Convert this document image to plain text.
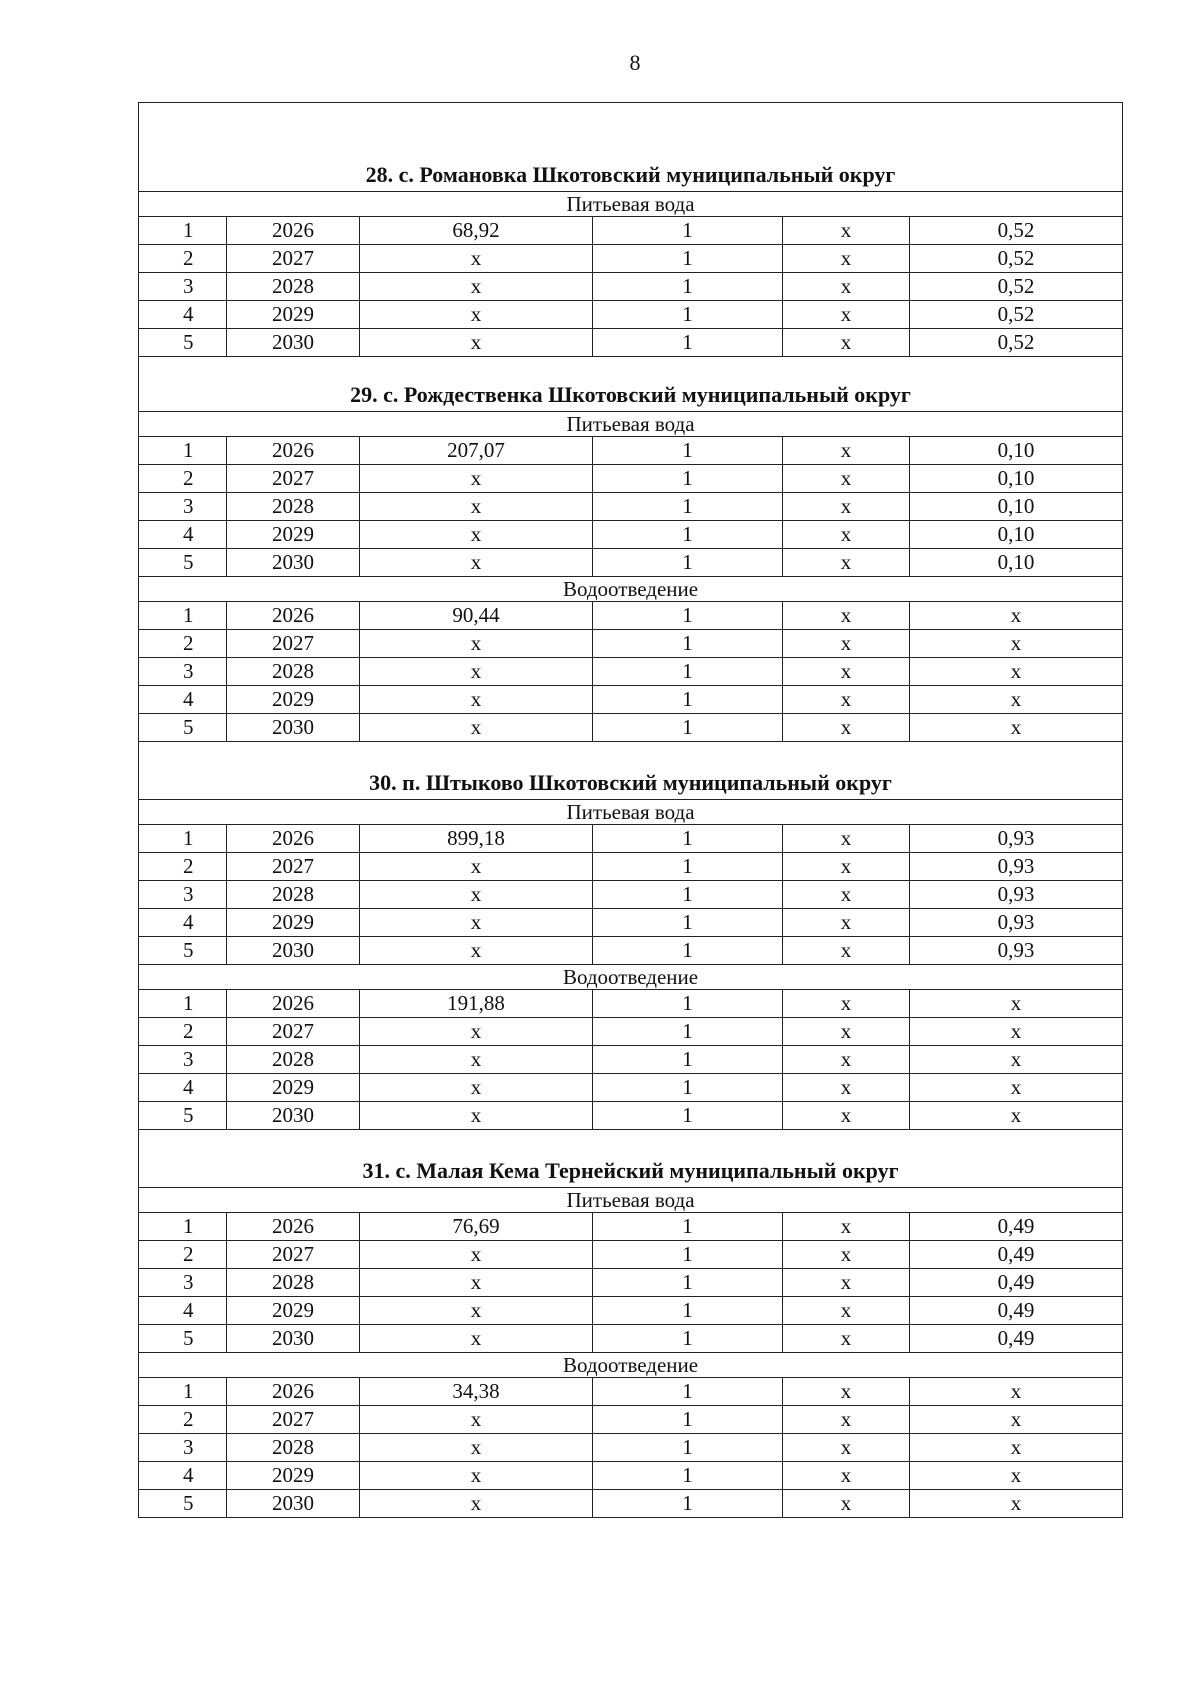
8
28. с. Романовка Шкотовский муниципальный округ					
Питьевая вода					
1	2026	68,92	1	x	0,52
2	2027	x	1	x	0,52
3	2028	x	1	x	0,52
4	2029	x	1	x	0,52
5	2030	x	1	x	0,52
29. с. Рождественка Шкотовский муниципальный округ					
Питьевая вода					
1	2026	207,07	1	x	0,10
2	2027	x	1	x	0,10
3	2028	x	1	x	0,10
4	2029	x	1	x	0,10
5	2030	x	1	x	0,10
Водоотведение					
1	2026	90,44	1	x	x
2	2027	x	1	x	x
3	2028	x	1	x	x
4	2029	x	1	x	x
5	2030	x	1	x	x
30. п. Штыково Шкотовский муниципальный округ					
Питьевая вода					
1	2026	899,18	1	x	0,93
2	2027	x	1	x	0,93
3	2028	x	1	x	0,93
4	2029	x	1	x	0,93
5	2030	x	1	x	0,93
Водоотведение					
1	2026	191,88	1	x	x
2	2027	x	1	x	x
3	2028	x	1	x	x
4	2029	x	1	x	x
5	2030	x	1	x	x
31. с. Малая Кема Тернейский муниципальный округ					
Питьевая вода					
1	2026	76,69	1	x	0,49
2	2027	x	1	x	0,49
3	2028	x	1	x	0,49
4	2029	x	1	x	0,49
5	2030	x	1	x	0,49
Водоотведение					
1	2026	34,38	1	x	x
2	2027	x	1	x	x
3	2028	x	1	x	x
4	2029	x	1	x	x
5	2030	x	1	x	x
